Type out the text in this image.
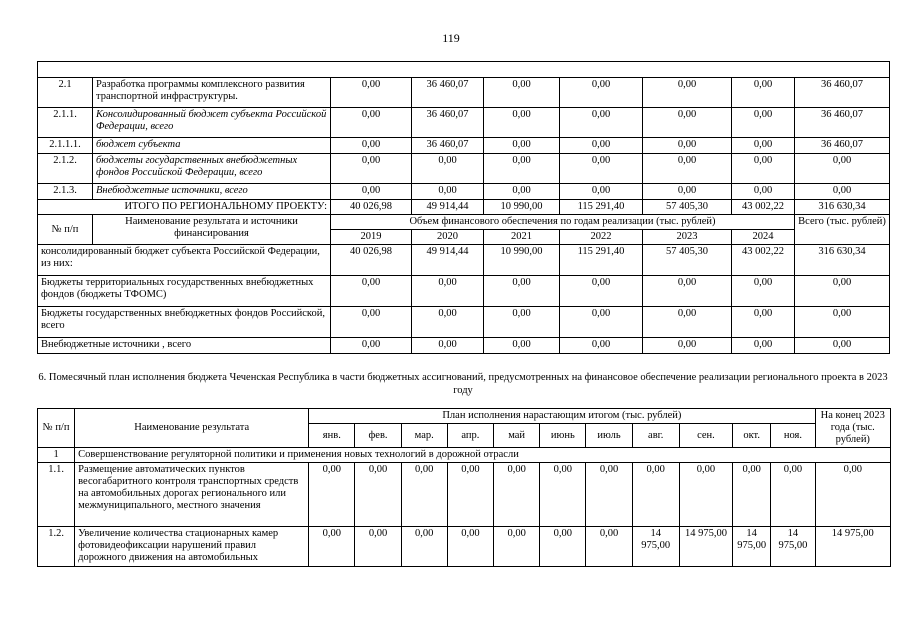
119

2.1	Разработка программы комплексного развития транспортной инфраструктуры.	0,00	36 460,07	0,00	0,00	0,00	0,00	36 460,07
2.1.1.	Консолидированный бюджет субъекта Российской Федерации, всего	0,00	36 460,07	0,00	0,00	0,00	0,00	36 460,07
2.1.1.1.	бюджет субъекта	0,00	36 460,07	0,00	0,00	0,00	0,00	36 460,07
2.1.2.	бюджеты государственных внебюджетных фондов Российской Федерации, всего	0,00	0,00	0,00	0,00	0,00	0,00	0,00
2.1.3.	Внебюджетные источники, всего	0,00	0,00	0,00	0,00	0,00	0,00	0,00
ИТОГО ПО РЕГИОНАЛЬНОМУ ПРОЕКТУ:		40 026,98	49 914,44	10 990,00	115 291,40	57 405,30	43 002,22	316 630,34
№ п/п	Наименование результата и источники финансирования	Объем финансового обеспечения по годам реализации (тыс. рублей)						Всего (тыс. рублей)
		2019	2020	2021	2022	2023	2024	
консолидированный бюджет субъекта Российской Федерации, из них:		40 026,98	49 914,44	10 990,00	115 291,40	57 405,30	43 002,22	316 630,34
Бюджеты территориальных государственных внебюджетных фондов (бюджеты ТФОМС)		0,00	0,00	0,00	0,00	0,00	0,00	0,00
Бюджеты государственных внебюджетных фондов Российской, всего		0,00	0,00	0,00	0,00	0,00	0,00	0,00
Внебюджетные источники , всего		0,00	0,00	0,00	0,00	0,00	0,00	0,00
6. Помесячный план исполнения бюджета Чеченская Республика в части бюджетных ассигнований, предусмотренных на финансовое обеспечение реализации регионального проекта в 2023 году
№ п/п	Наименование результата	План исполнения нарастающим итогом (тыс. рублей)											На конец 2023 года (тыс. рублей)
		янв.	фев.	мар.	апр.	май	июнь	июль	авг.	сен.	окт.	ноя.	
1	Совершенствование регуляторной политики и применения новых технологий в дорожной отрасли												
1.1.	Размещение автоматических пунктов весогабаритного контроля транспортных средств на автомобильных дорогах регионального или межмуниципального, местного значения	0,00	0,00	0,00	0,00	0,00	0,00	0,00	0,00	0,00	0,00	0,00	0,00
1.2.	Увеличение количества стационарных камер фотовидеофиксации нарушений правил дорожного движения на автомобильных	0,00	0,00	0,00	0,00	0,00	0,00	0,00	14 975,00	14 975,00	14 975,00	14 975,00	14 975,00
